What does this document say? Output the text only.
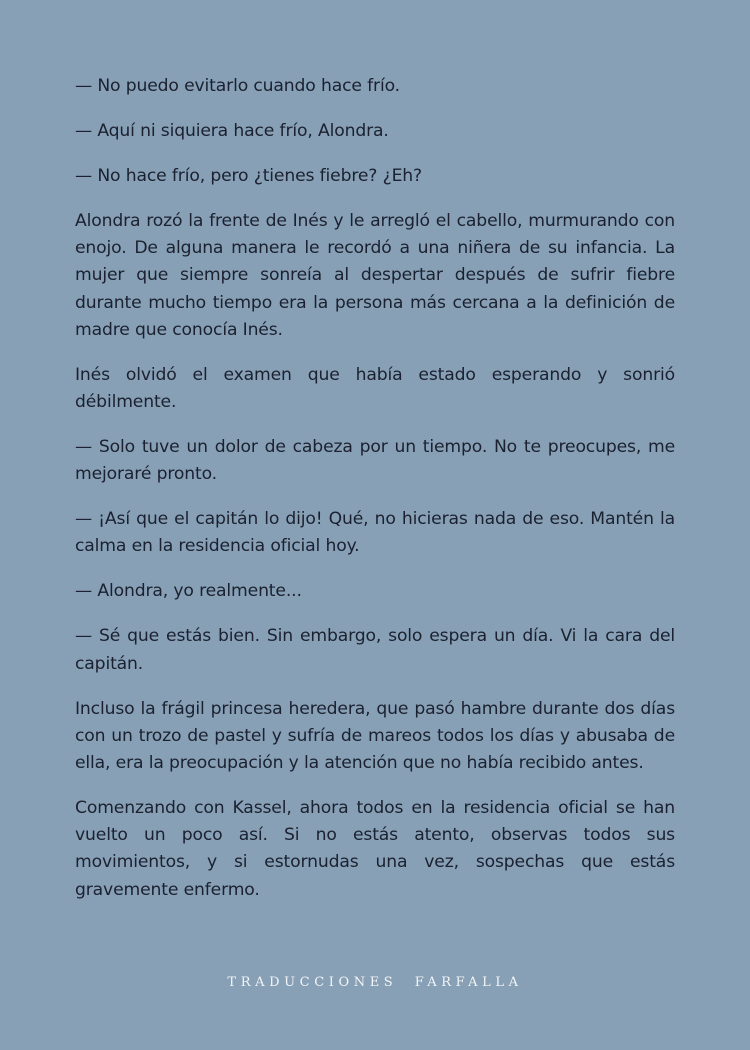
— No puedo evitarlo cuando hace frío.

— Aquí ni siquiera hace frío, Alondra.

— No hace frío, pero ¿tienes fiebre? ¿Eh?

Alondra rozó la frente de Inés y le arregló el cabello, murmurando con enojo. De alguna manera le recordó a una niñera de su infancia. La mujer que siempre sonreía al despertar después de sufrir fiebre durante mucho tiempo era la persona más cercana a la definición de madre que conocía Inés.

Inés olvidó el examen que había estado esperando y sonrió débilmente.

— Solo tuve un dolor de cabeza por un tiempo. No te preocupes, me mejoraré pronto.

— ¡Así que el capitán lo dijo! Qué, no hicieras nada de eso. Mantén la calma en la residencia oficial hoy.

— Alondra, yo realmente...

— Sé que estás bien. Sin embargo, solo espera un día. Vi la cara del capitán.

Incluso la frágil princesa heredera, que pasó hambre durante dos días con un trozo de pastel y sufría de mareos todos los días y abusaba de ella, era la preocupación y la atención que no había recibido antes.

Comenzando con Kassel, ahora todos en la residencia oficial se han vuelto un poco así. Si no estás atento, observas todos sus movimientos, y si estornudas una vez, sospechas que estás gravemente enfermo.

TRADUCCIONES  FARFALLA
